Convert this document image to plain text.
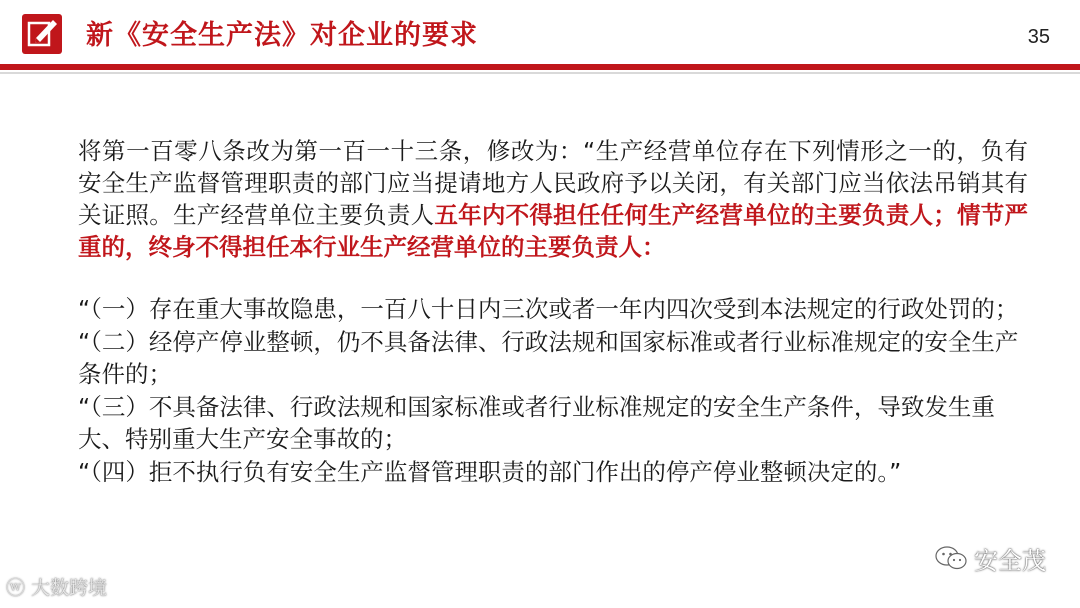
新《安全生产法》对企业的要求	35

将第一百零八条改为第一百一十三条，修改为：“生产经营单位存在下列情形之一的，负有安全生产监督管理职责的部门应当提请地方人民政府予以关闭，有关部门应当依法吊销其有关证照。生产经营单位主要负责人五年内不得担任任何生产经营单位的主要负责人；情节严重的，终身不得担任本行业生产经营单位的主要负责人：

“（一）存在重大事故隐患，一百八十日内三次或者一年内四次受到本法规定的行政处罚的；

“（二）经停产停业整顿，仍不具备法律、行政法规和国家标准或者行业标准规定的安全生产条件的；

“（三）不具备法律、行政法规和国家标准或者行业标准规定的安全生产条件，导致发生重大、特别重大生产安全事故的；

“（四）拒不执行负有安全生产监督管理职责的部门作出的停产停业整顿决定的。”

ⓦ 大数跨境
安全茂
